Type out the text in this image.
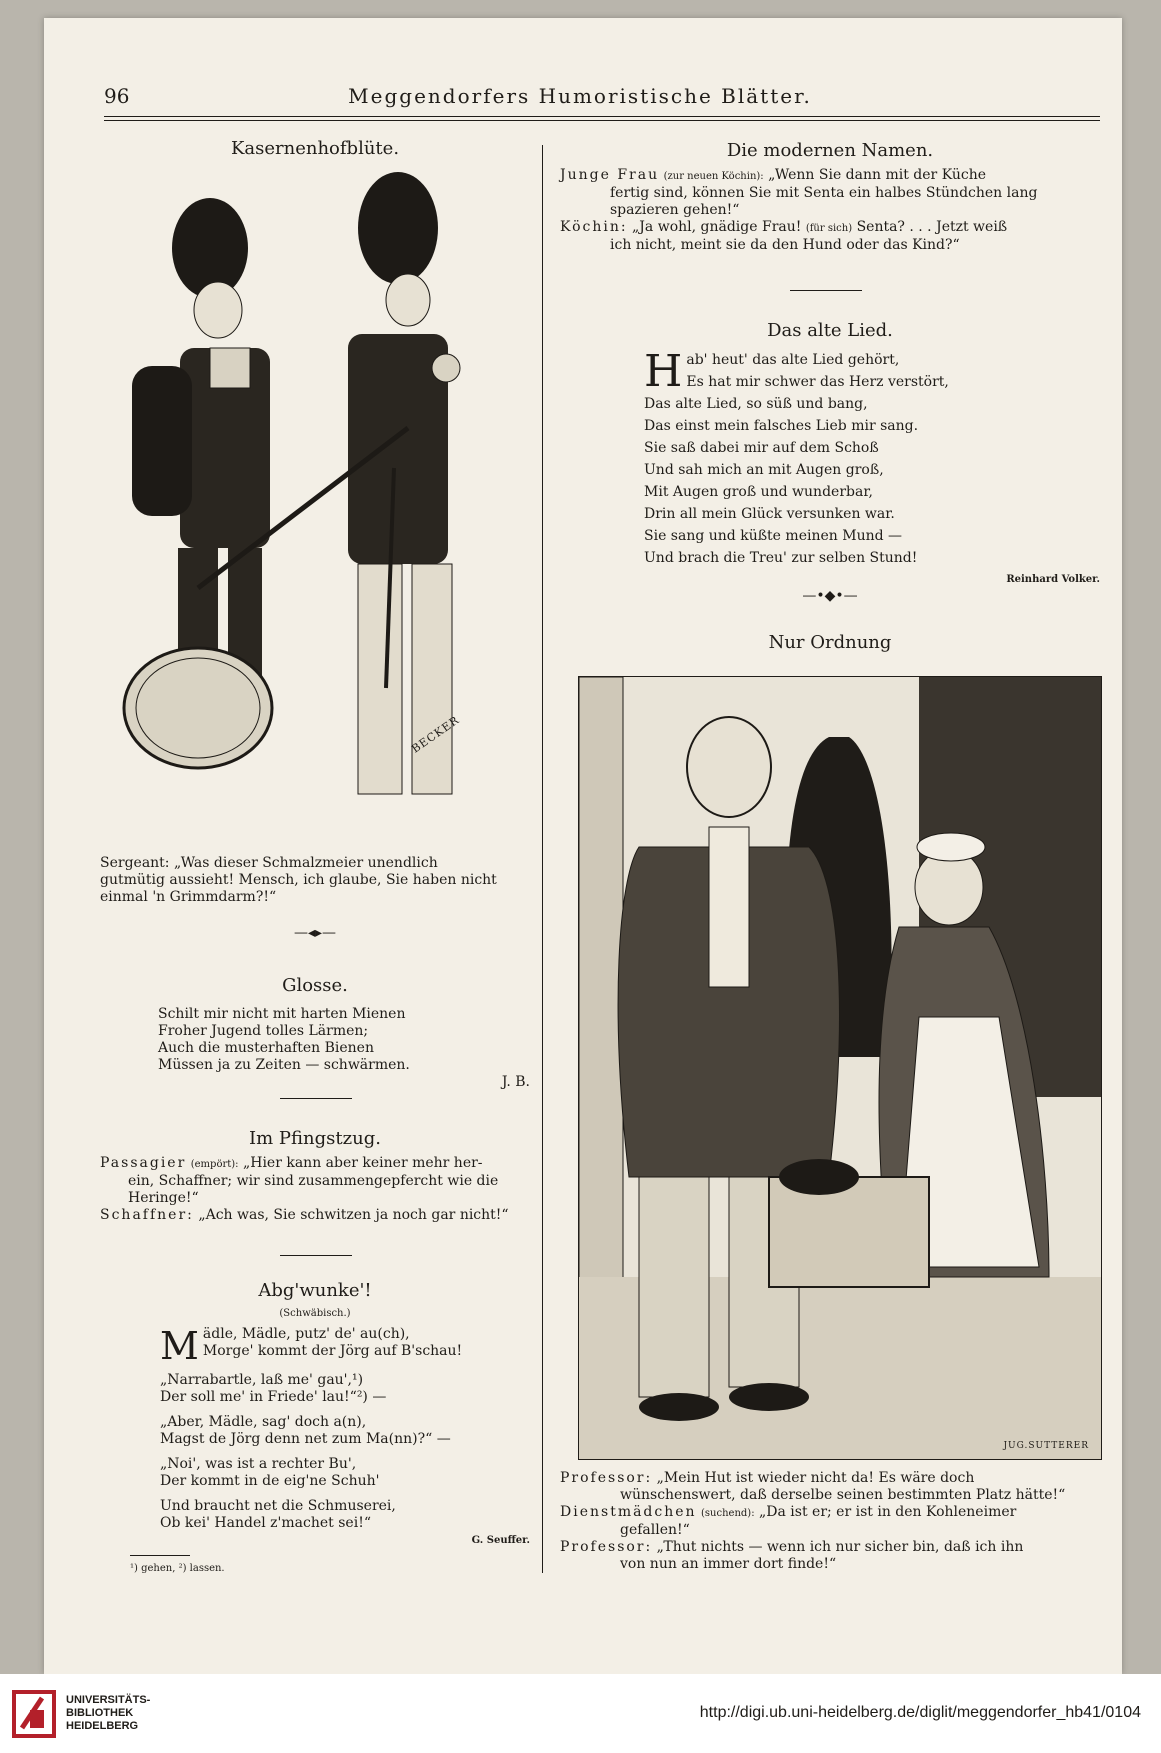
96	Meggendorfers Humoristische Blätter.

Kasernenhofblüte.

BECKER

Sergeant: „Was dieser Schmalzmeier unendlich

gutmütig aussieht! Mensch, ich glaube, Sie haben nicht

einmal 'n Grimmdarm?!“

—◂▸—

Glosse.

Schilt mir nicht mit harten Mienen

Froher Jugend tolles Lärmen;

Auch die musterhaften Bienen

Müssen ja zu Zeiten — schwärmen.

J. B.

Im Pfingstzug.

Passagier (empört): „Hier kann aber keiner mehr her-

ein, Schaffner; wir sind zusammengepfercht wie die

Heringe!“

Schaffner: „Ach was, Sie schwitzen ja noch gar nicht!“

Abg'wunke'!

(Schwäbisch.)

M ädle, Mädle, putz' de' au(ch),

Morge' kommt der Jörg auf B'schau!

„Narrabartle, laß me' gau',¹)

Der soll me' in Friede' lau!“²) —

„Aber, Mädle, sag' doch a(n),

Magst de Jörg denn net zum Ma(nn)?“ —

„Noi', was ist a rechter Bu',

Der kommt in de eig'ne Schuh'

Und braucht net die Schmuserei,

Ob kei' Handel z'machet sei!“

G. Seuffer.

¹) gehen, ²) lassen.

Die modernen Namen.

Junge Frau (zur neuen Köchin): „Wenn Sie dann mit der Küche

fertig sind, können Sie mit Senta ein halbes Stündchen lang

spazieren gehen!“

Köchin: „Ja wohl, gnädige Frau! (für sich) Senta? . . . Jetzt weiß

ich nicht, meint sie da den Hund oder das Kind?“

Das alte Lied.

H ab' heut' das alte Lied gehört,

Es hat mir schwer das Herz verstört,

Das alte Lied, so süß und bang,

Das einst mein falsches Lieb mir sang.

Sie saß dabei mir auf dem Schoß

Und sah mich an mit Augen groß,

Mit Augen groß und wunderbar,

Drin all mein Glück versunken war.

Sie sang und küßte meinen Mund —

Und brach die Treu' zur selben Stund!

Reinhard Volker.

—•◆•—

Nur Ordnung

JUG.SUTTERER

Professor: „Mein Hut ist wieder nicht da! Es wäre doch

wünschenswert, daß derselbe seinen bestimmten Platz hätte!“

Dienstmädchen (suchend): „Da ist er; er ist in den Kohleneimer

gefallen!“

Professor: „Thut nichts — wenn ich nur sicher bin, daß ich ihn

von nun an immer dort finde!“

UNIVERSITÄTS-
BIBLIOTHEK
HEIDELBERG
http://digi.ub.uni-heidelberg.de/diglit/meggendorfer_hb41/0104
